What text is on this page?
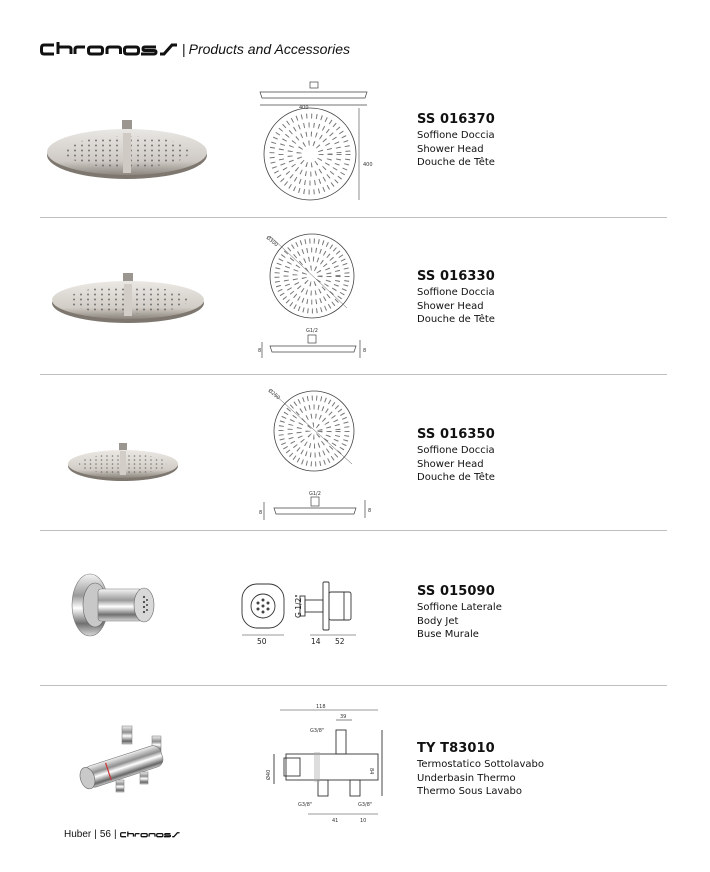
| Products and Accessories
400
400
SS 016370
Soffione Doccia
Shower Head
Douche de Tête
Ø300
G1/2
8	8
SS 016330
Soffione Doccia
Shower Head
Douche de Tête
Ø250
G1/2
8	8
SS 016350
Soffione Doccia
Shower Head
Douche de Tête
50
G 1/2"
14 52
SS 015090
Soffione Laterale
Body Jet
Buse Murale
118
39
G3/8"
Ø40	84
G3/8"	G3/8"
41	10
TY T83010
Termostatico Sottolavabo
Underbasin Thermo
Thermo Sous Lavabo
Huber | 56 |
